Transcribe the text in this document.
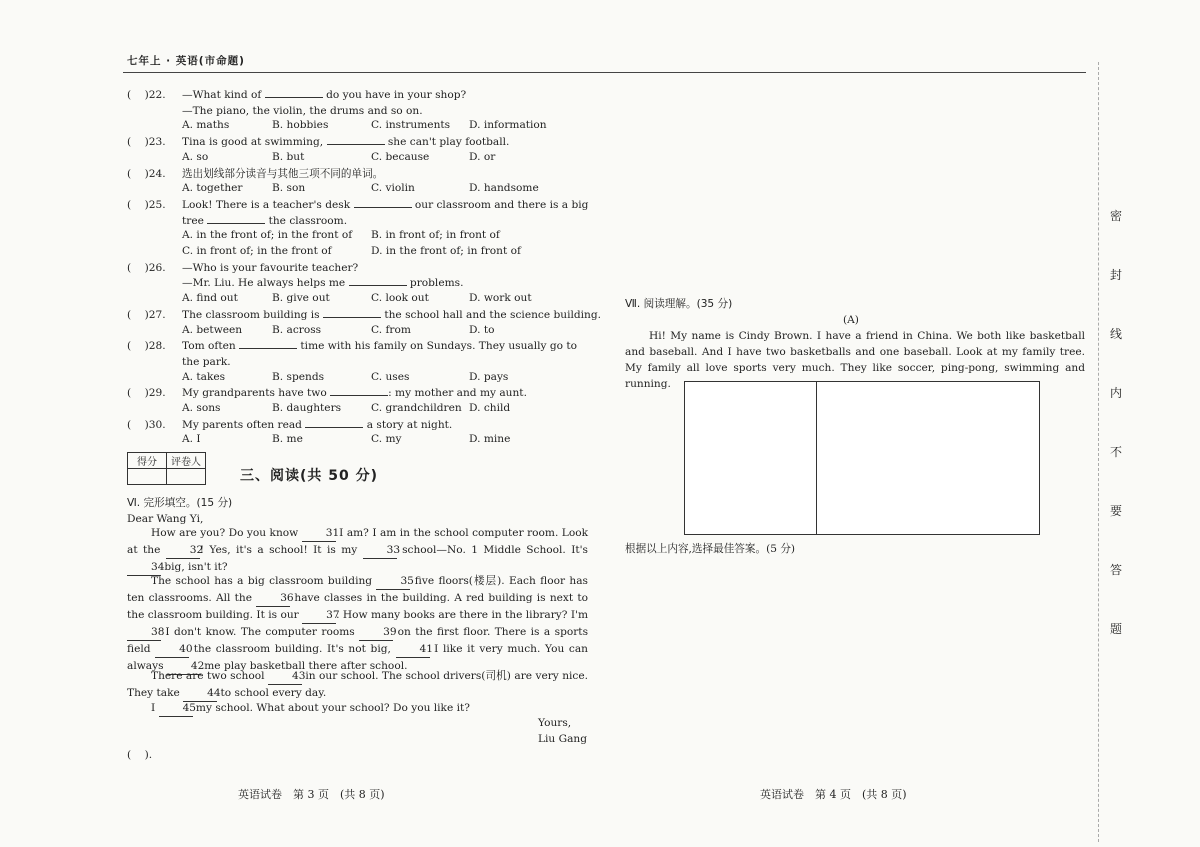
七年上 · 英语(市命题)
(    )22. —What kind of	do you have in your shop?
—The piano, the violin, the drums and so on.
A. maths	B. hobbies	C. instruments D. information
(    )23. Tina is good at swimming,	she can't play football.
A. so	B. but	C. because	D. or
(    )24. 选出划线部分读音与其他三项不同的单词。
A. together	B. son	C. violin	D. handsome
(    )25. Look! There is a teacher's desk	our classroom and there is a big
tree	the classroom.
A. in the front of; in the front of B. in front of; in front of
C. in front of; in the front of	D. in the front of; in front of
(    )26. —Who is your favourite teacher?
—Mr. Liu. He always helps me	problems.
A. find out	B. give out	C. look out	D. work out
(    )27. The classroom building is	the school hall and the science building.
A. between	B. across	C. from	D. to
(    )28. Tom often	time with his family on Sundays. They usually go to
the park.
A. takes	B. spends	C. uses	D. pays
(    )29. My grandparents have two	: my mother and my aunt.
A. sons	B. daughters	C. grandchildren D. child
(    )30. My parents often read	a story at night.
A. I	B. me	C. my	D. mine
得分	评卷人

三、阅读(共 50 分)
Ⅵ. 完形填空。(15 分)
Dear Wang Yi,
How are you? Do you know 31 I am? I am in the school computer room. Look at the 32! Yes, it's a school! It is my 33 school—No. 1 Middle School. It's 34 big, isn't it?
The school has a big classroom building 35 five floors(楼层). Each floor has ten classrooms. All the 36 have classes in the building. A red building is next to the classroom building. It is our 37. How many books are there in the library? I'm 38 I don't know. The computer rooms 39 on the first floor. There is a sports field 40 the classroom building. It's not big, 41 I like it very much. You can always 42 me play basketball there after school.
There are two school 43 in our school. The school drivers(司机) are very nice. They take 44 to school every day.
I 45 my school. What about your school? Do you like it?
Yours,
Liu Gang
(    ).
英语试卷　第 3 页　(共 8 页)	英语试卷　第 4 页　(共 8 页)
Ⅶ. 阅读理解。(35 分)
(A)
Hi! My name is Cindy Brown. I have a friend in China. We both like basketball and baseball. And I have two basketballs and one baseball. Look at my family tree. My family all love sports very much. They like soccer, ping-pong, swimming and running.
根据以上内容,选择最佳答案。(5 分)
密
封
线
内
不
要
答
题
